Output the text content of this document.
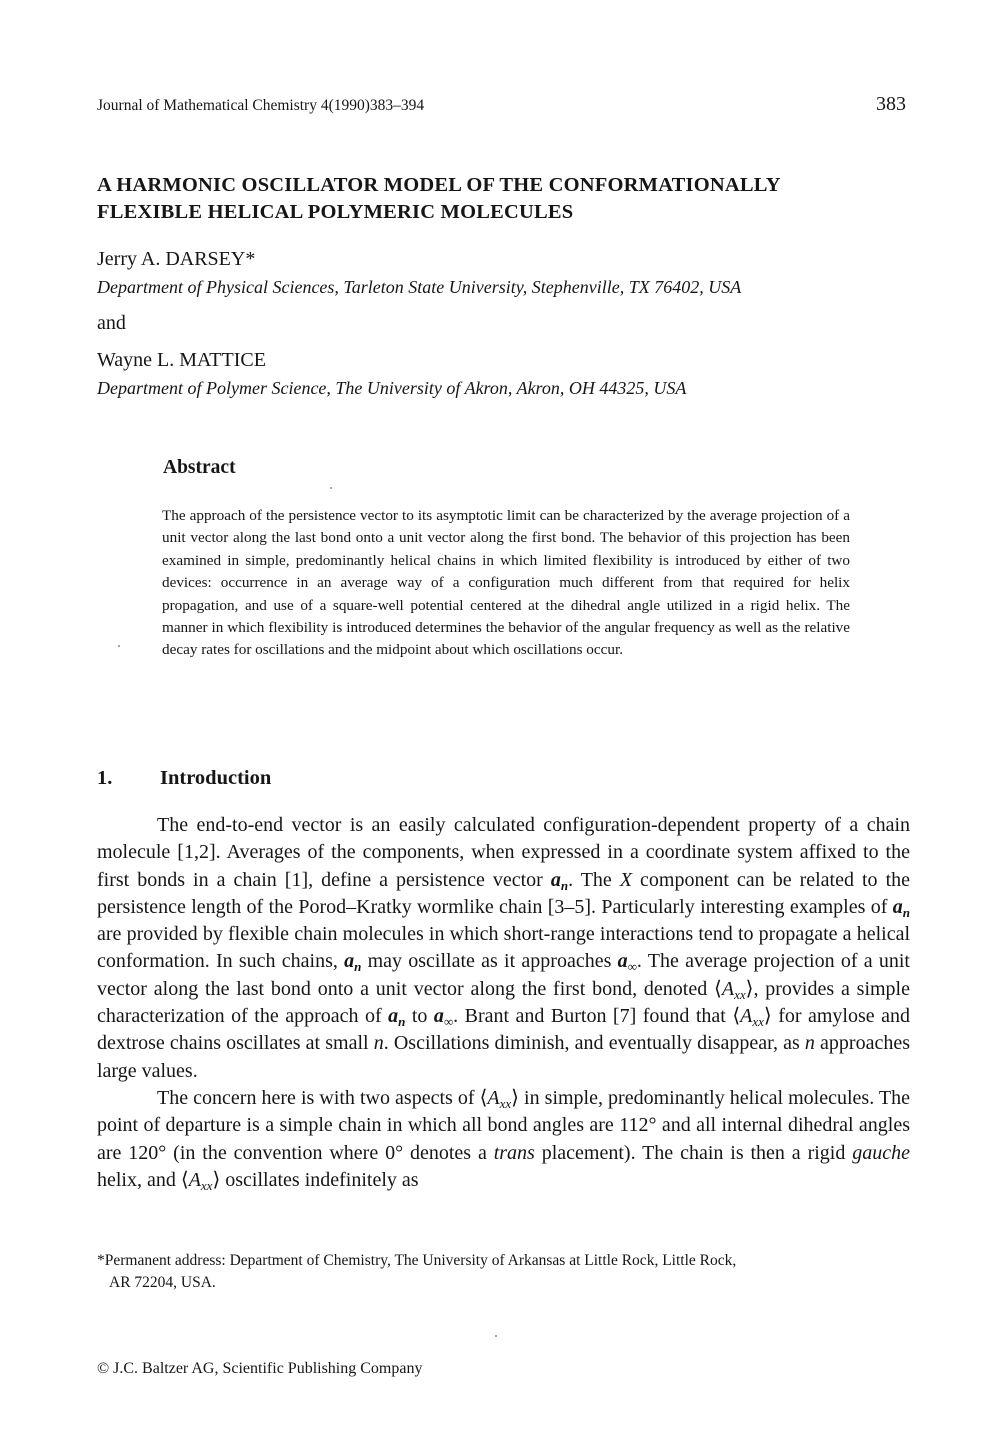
Journal of Mathematical Chemistry 4(1990)383–394	383
A HARMONIC OSCILLATOR MODEL OF THE CONFORMATIONALLY
FLEXIBLE HELICAL POLYMERIC MOLECULES
Jerry A. DARSEY*
Department of Physical Sciences, Tarleton State University, Stephenville, TX 76402, USA
and
Wayne L. MATTICE
Department of Polymer Science, The University of Akron, Akron, OH 44325, USA
Abstract
The approach of the persistence vector to its asymptotic limit can be characterized by the average projection of a unit vector along the last bond onto a unit vector along the first bond. The behavior of this projection has been examined in simple, predominantly helical chains in which limited flexibility is introduced by either of two devices: occurrence in an average way of a configuration much different from that required for helix propagation, and use of a square-well potential centered at the dihedral angle utilized in a rigid helix. The manner in which flexibility is introduced determines the behavior of the angular frequency as well as the relative decay rates for oscillations and the midpoint about which oscillations occur.
1. Introduction

The end-to-end vector is an easily calculated configuration-dependent property of a chain molecule [1,2]. Averages of the components, when expressed in a coordinate system affixed to the first bonds in a chain [1], define a persistence vector $a_n$. The X component can be related to the persistence length of the Porod–Kratky wormlike chain [3–5]. Particularly interesting examples of $a_n$ are provided by flexible chain molecules in which short-range interactions tend to propagate a helical conformation. In such chains, $a_n$ may oscillate as it approaches $a_\infty$. The average projection of a unit vector along the last bond onto a unit vector along the first bond, denoted $⟨A_{xx}⟩$, provides a simple characterization of the approach of $a_n$ to $a_\infty$. Brant and Burton [7] found that $⟨A_{xx}⟩$ for amylose and dextrose chains oscillates at small n. Oscillations diminish, and eventually disappear, as n approaches large values.

The concern here is with two aspects of $⟨A_{xx}⟩$ in simple, predominantly helical molecules. The point of departure is a simple chain in which all bond angles are 112° and all internal dihedral angles are 120° (in the convention where 0° denotes a trans placement). The chain is then a rigid gauche helix, and $⟨A_{xx}⟩$ oscillates indefinitely as

*Permanent address: Department of Chemistry, The University of Arkansas at Little Rock, Little Rock,
AR 72204, USA.
© J.C. Baltzer AG, Scientific Publishing Company
